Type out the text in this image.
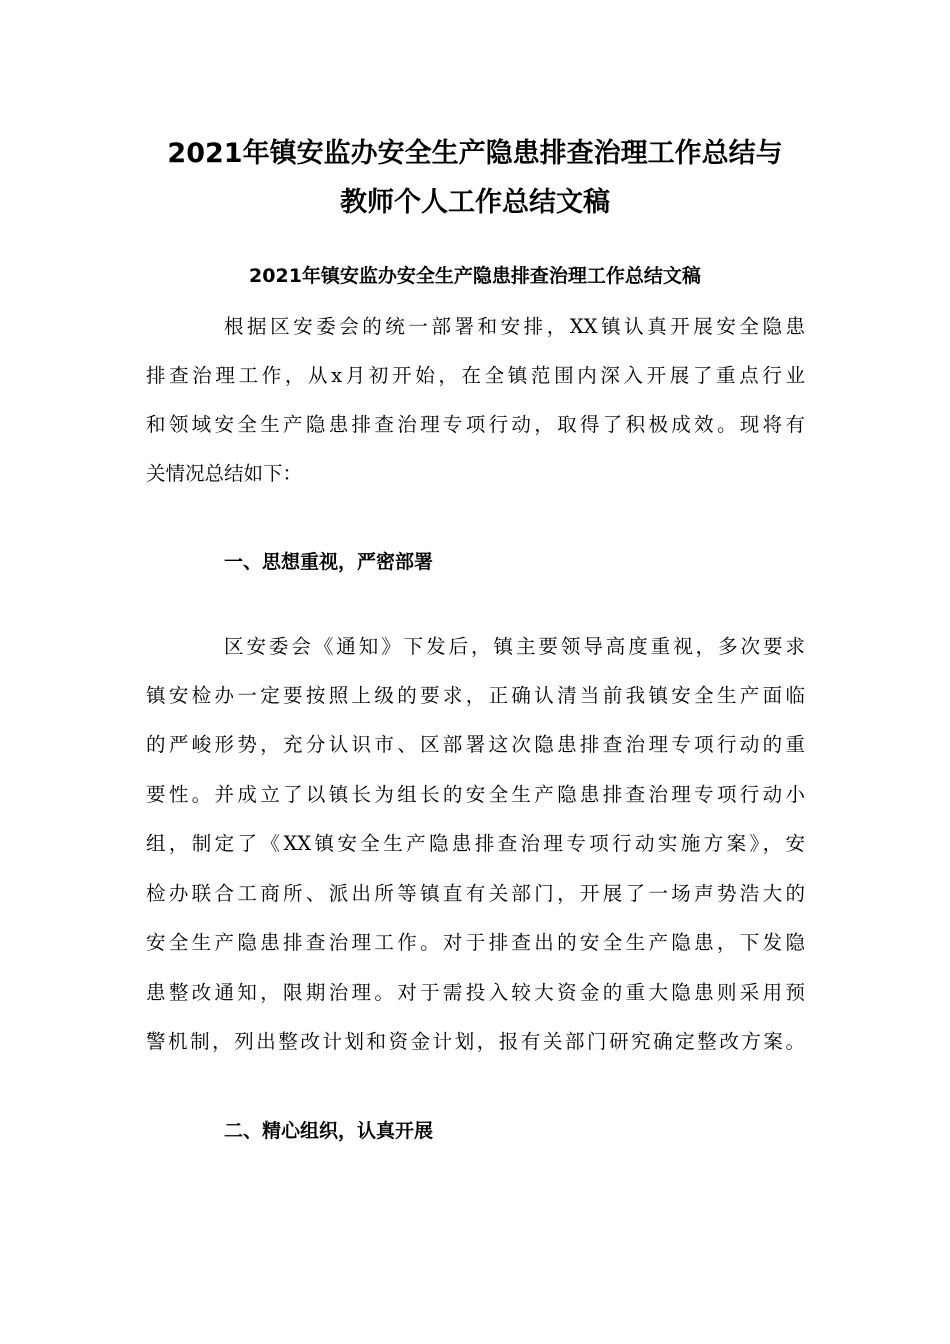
2021年镇安监办安全生产隐患排查治理工作总结与
教师个人工作总结文稿
2021年镇安监办安全生产隐患排查治理工作总结文稿
根据区安委会的统一部署和安排，XX镇认真开展安全隐患
排查治理工作，从x月初开始，在全镇范围内深入开展了重点行业
和领域安全生产隐患排查治理专项行动，取得了积极成效。现将有
关情况总结如下：
一、思想重视，严密部署
区安委会《通知》下发后，镇主要领导高度重视，多次要求
镇安检办一定要按照上级的要求，正确认清当前我镇安全生产面临
的严峻形势，充分认识市、区部署这次隐患排查治理专项行动的重
要性。并成立了以镇长为组长的安全生产隐患排查治理专项行动小
组，制定了《XX镇安全生产隐患排查治理专项行动实施方案》，安
检办联合工商所、派出所等镇直有关部门，开展了一场声势浩大的
安全生产隐患排查治理工作。对于排查出的安全生产隐患，下发隐
患整改通知，限期治理。对于需投入较大资金的重大隐患则采用预
警机制，列出整改计划和资金计划，报有关部门研究确定整改方案。
二、精心组织，认真开展
